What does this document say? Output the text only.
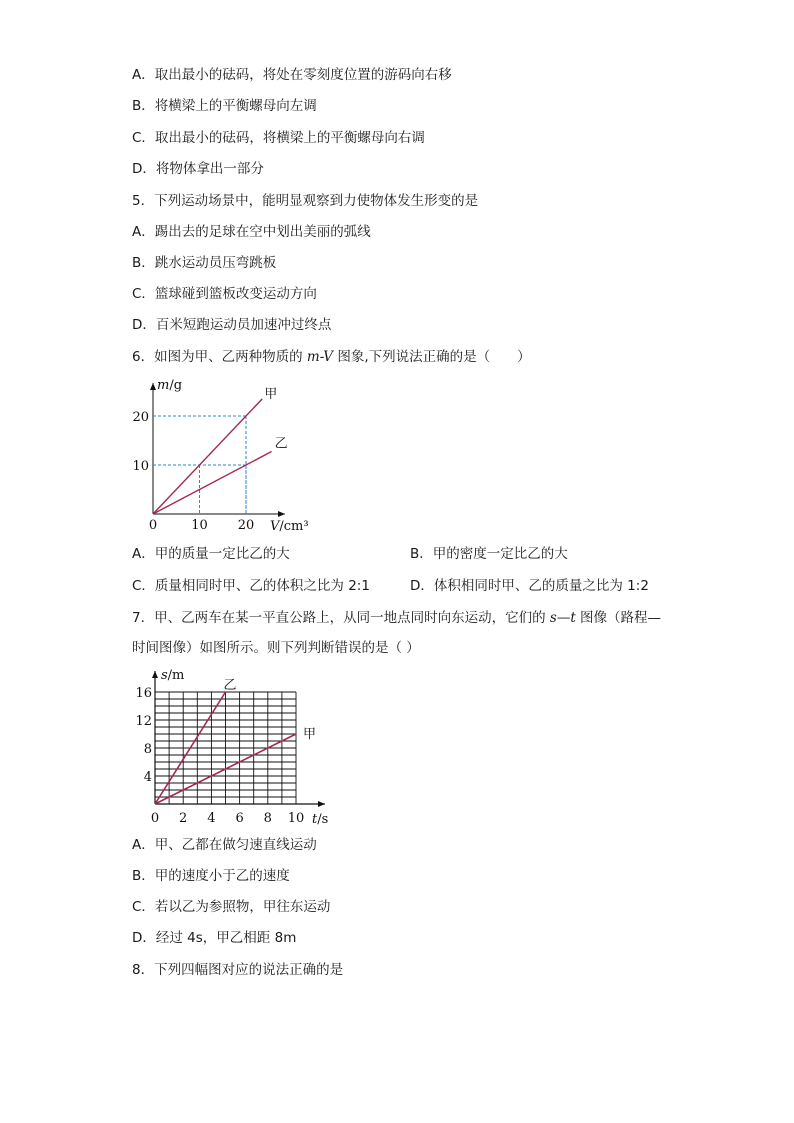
A．取出最小的砝码，将处在零刻度位置的游码向右移
B．将横梁上的平衡螺母向左调
C．取出最小的砝码，将横梁上的平衡螺母向右调
D．将物体拿出一部分
5．下列运动场景中，能明显观察到力使物体发生形变的是
A．踢出去的足球在空中划出美丽的弧线
B．跳水运动员压弯跳板
C．篮球碰到篮板改变运动方向
D．百米短跑运动员加速冲过终点
6．如图为甲、乙两种物质的 m-V 图象,下列说法正确的是（　　）
m/g
V/cm³
0	10 20
10
20
甲
乙
A．甲的质量一定比乙的大	B．甲的密度一定比乙的大
C．质量相同时甲、乙的体积之比为 2:1	D．体积相同时甲、乙的质量之比为 1:2
7．甲、乙两车在某一平直公路上，从同一地点同时向东运动，它们的 s—t 图像（路程—
时间图像）如图所示。则下列判断错误的是（ ）
s/m
t/s
0 2 4 6 8 10
4
8
12
16
乙
甲
A．甲、乙都在做匀速直线运动
B．甲的速度小于乙的速度
C．若以乙为参照物，甲往东运动
D．经过 4s，甲乙相距 8m
8．下列四幅图对应的说法正确的是
